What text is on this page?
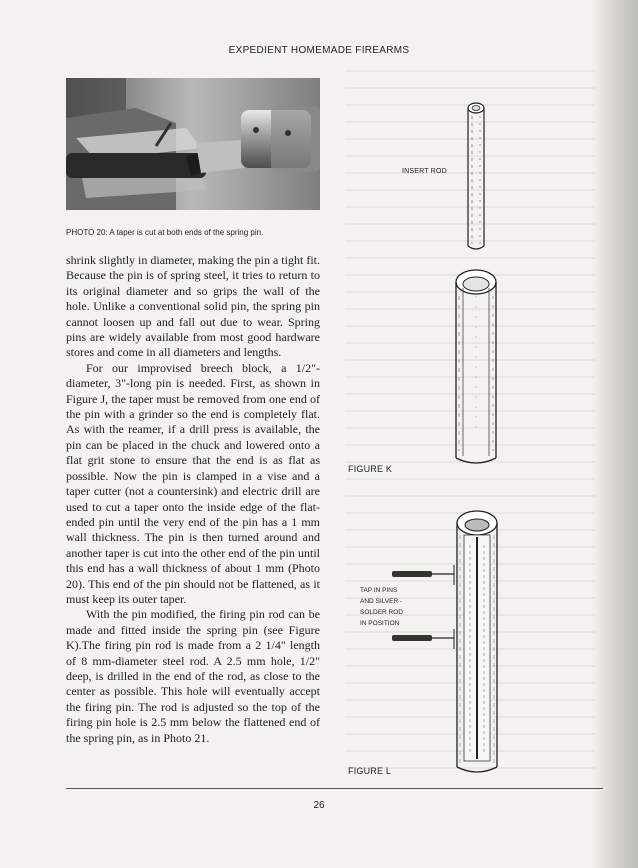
EXPEDIENT HOMEMADE FIREARMS
PHOTO 20: A taper is cut at both ends of the spring pin.

shrink slightly in diameter, making the pin a tight fit. Because the pin is of spring steel, it tries to return to its original diameter and so grips the wall of the hole. Unlike a conventional solid pin, the spring pin cannot loosen up and fall out due to wear. Spring pins are widely available from most good hardware stores and come in all diameters and lengths.

For our improvised breech block, a 1/2"-diameter, 3"-long pin is needed. First, as shown in Figure J, the taper must be removed from one end of the pin with a grinder so the end is completely flat. As with the reamer, if a drill press is available, the pin can be placed in the chuck and lowered onto a flat grit stone to ensure that the end is as flat as possible. Now the pin is clamped in a vise and a taper cutter (not a countersink) and electric drill are used to cut a taper onto the inside edge of the flat-ended pin until the very end of the pin has a 1 mm wall thickness. The pin is then turned around and another taper is cut into the other end of the pin until this end has a wall thickness of about 1 mm (Photo 20). This end of the pin should not be flattened, as it must keep its outer taper.

With the pin modified, the firing pin rod can be made and fitted inside the spring pin (see Figure K).The firing pin rod is made from a 2 1/4" length of 8 mm-diameter steel rod. A 2.5 mm hole, 1/2" deep, is drilled in the end of the rod, as close to the center as possible. This hole will eventually accept the firing pin. The rod is adjusted so the top of the firing pin hole is 2.5 mm below the flattened end of the spring pin, as in Photo 21.

INSERT ROD
FIGURE K
TAP IN PINS
AND SILVER -
SOLDER ROD
IN POSITION
FIGURE L
26
